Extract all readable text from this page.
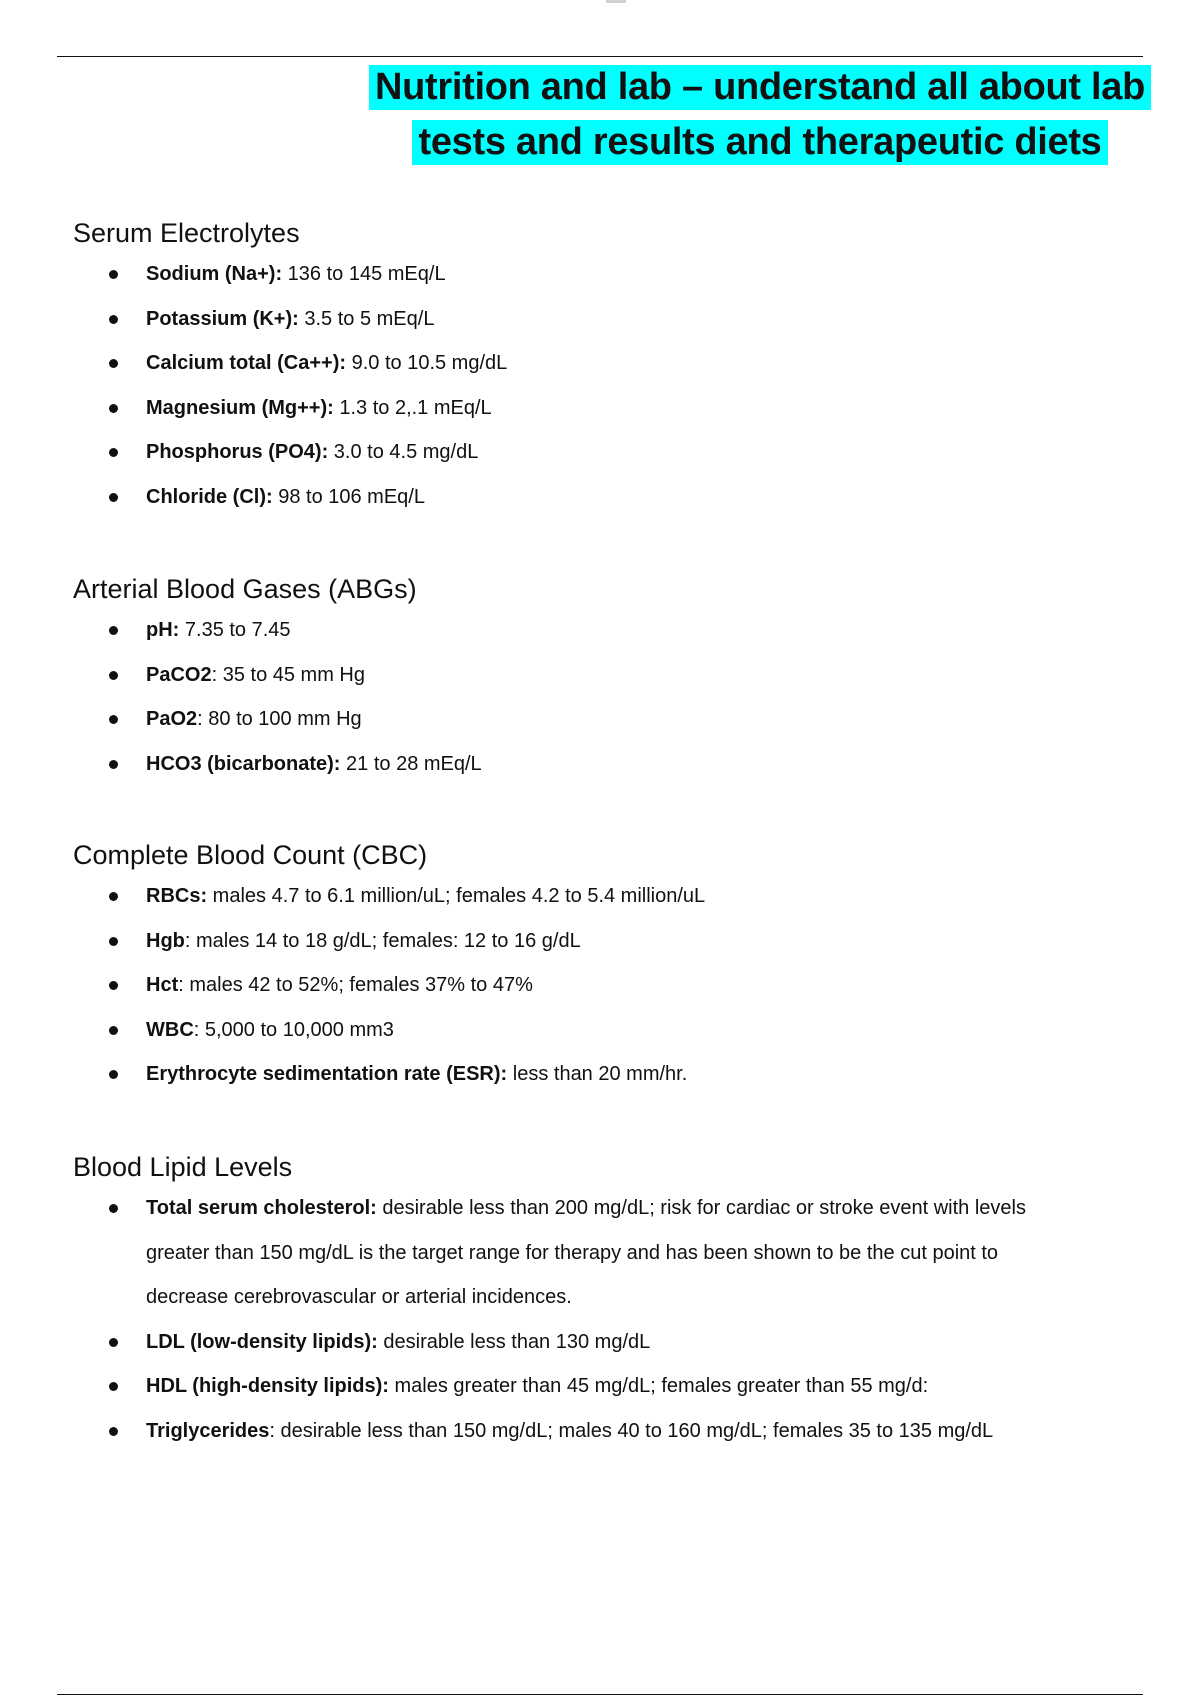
Nutrition and lab – understand all about lab
tests and results and therapeutic diets
Serum Electrolytes
Sodium (Na+): 136 to 145 mEq/L
Potassium (K+): 3.5 to 5 mEq/L
Calcium total (Ca++): 9.0 to 10.5 mg/dL
Magnesium (Mg++): 1.3 to 2,.1 mEq/L
Phosphorus (PO4): 3.0 to 4.5 mg/dL
Chloride (Cl): 98 to 106 mEq/L
Arterial Blood Gases (ABGs)
pH: 7.35 to 7.45
PaCO2: 35 to 45 mm Hg
PaO2: 80 to 100 mm Hg
HCO3 (bicarbonate): 21 to 28 mEq/L
Complete Blood Count (CBC)
RBCs: males 4.7 to 6.1 million/uL; females 4.2 to 5.4 million/uL
Hgb: males 14 to 18 g/dL; females: 12 to 16 g/dL
Hct: males 42 to 52%; females 37% to 47%
WBC: 5,000 to 10,000 mm3
Erythrocyte sedimentation rate (ESR): less than 20 mm/hr.
Blood Lipid Levels
Total serum cholesterol: desirable less than 200 mg/dL; risk for cardiac or stroke event with levels
greater than 150 mg/dL is the target range for therapy and has been shown to be the cut point to
decrease cerebrovascular or arterial incidences.
LDL (low-density lipids): desirable less than 130 mg/dL
HDL (high-density lipids): males greater than 45 mg/dL; females greater than 55 mg/d:
Triglycerides: desirable less than 150 mg/dL; males 40 to 160 mg/dL; females 35 to 135 mg/dL
